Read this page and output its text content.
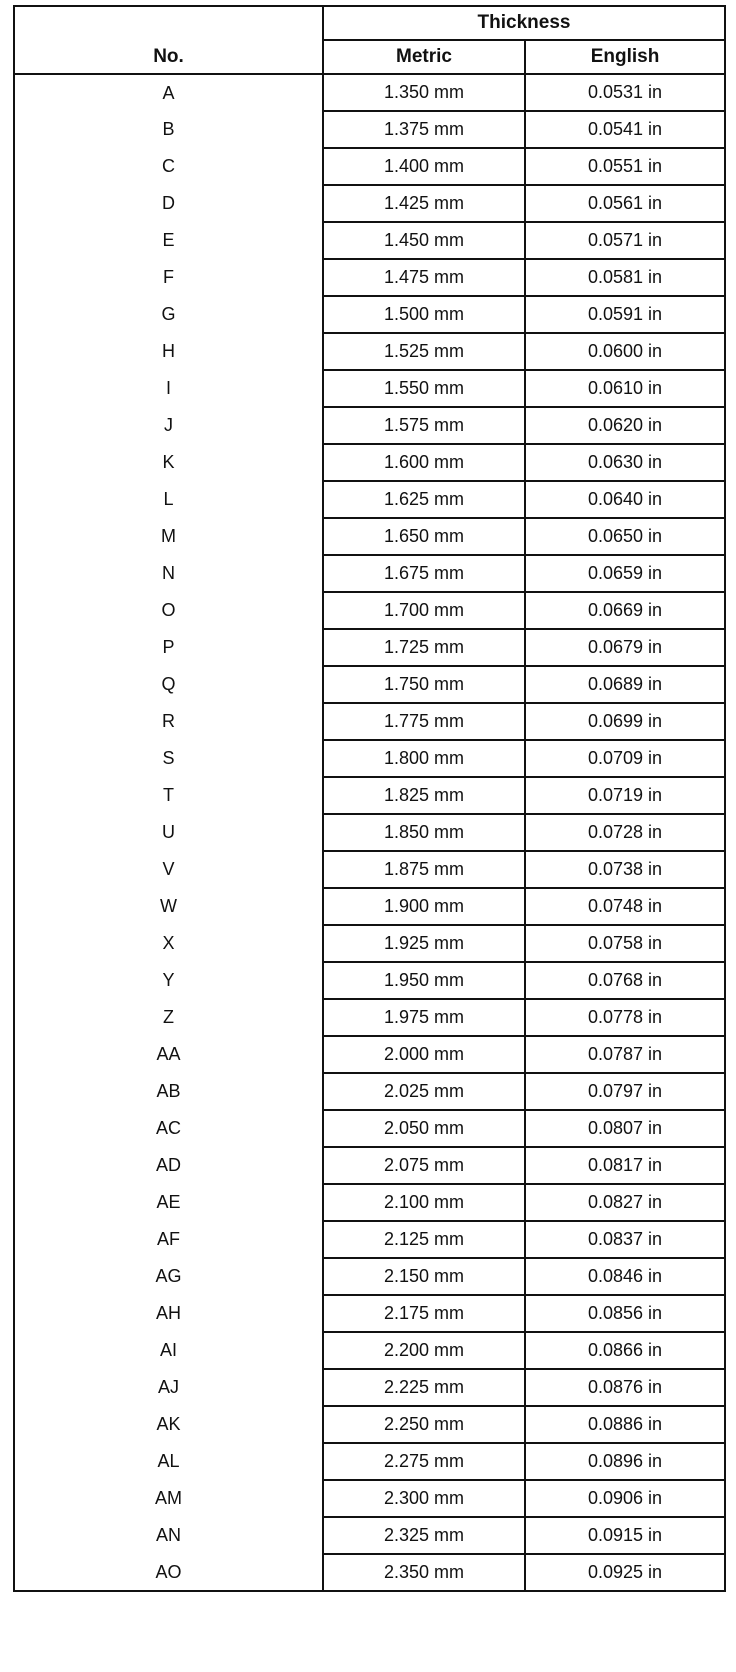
	Thickness	
No.	Metric	English
A	1.350 mm	0.0531 in
B	1.375 mm	0.0541 in
C	1.400 mm	0.0551 in
D	1.425 mm	0.0561 in
E	1.450 mm	0.0571 in
F	1.475 mm	0.0581 in
G	1.500 mm	0.0591 in
H	1.525 mm	0.0600 in
I	1.550 mm	0.0610 in
J	1.575 mm	0.0620 in
K	1.600 mm	0.0630 in
L	1.625 mm	0.0640 in
M	1.650 mm	0.0650 in
N	1.675 mm	0.0659 in
O	1.700 mm	0.0669 in
P	1.725 mm	0.0679 in
Q	1.750 mm	0.0689 in
R	1.775 mm	0.0699 in
S	1.800 mm	0.0709 in
T	1.825 mm	0.0719 in
U	1.850 mm	0.0728 in
V	1.875 mm	0.0738 in
W	1.900 mm	0.0748 in
X	1.925 mm	0.0758 in
Y	1.950 mm	0.0768 in
Z	1.975 mm	0.0778 in
AA	2.000 mm	0.0787 in
AB	2.025 mm	0.0797 in
AC	2.050 mm	0.0807 in
AD	2.075 mm	0.0817 in
AE	2.100 mm	0.0827 in
AF	2.125 mm	0.0837 in
AG	2.150 mm	0.0846 in
AH	2.175 mm	0.0856 in
AI	2.200 mm	0.0866 in
AJ	2.225 mm	0.0876 in
AK	2.250 mm	0.0886 in
AL	2.275 mm	0.0896 in
AM	2.300 mm	0.0906 in
AN	2.325 mm	0.0915 in
AO	2.350 mm	0.0925 in
